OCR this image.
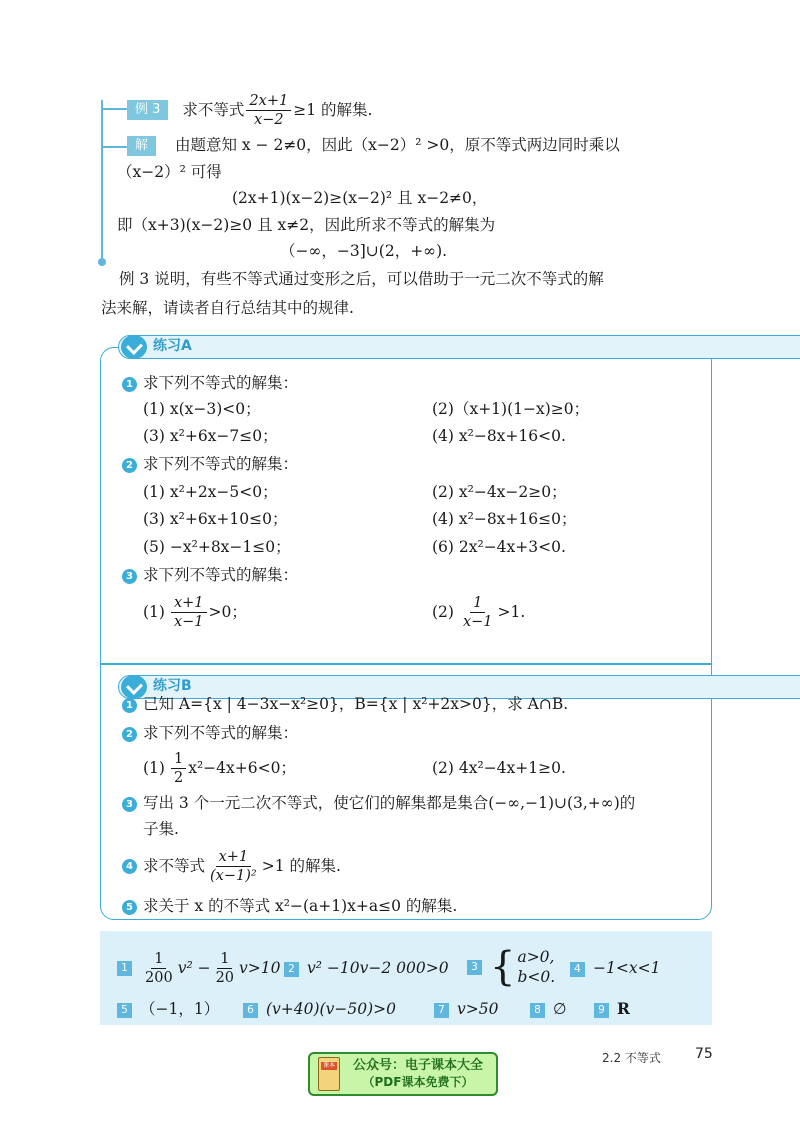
例 3	求不等式 $\frac{2x+1}{x-2} \ge 1$ 的解集.
解 由题意知 x − 2≠0，因此（x−2）² >0，原不等式两边同时乘以
（x−2）² 可得
(2x+1)(x−2)≥(x−2)² 且 x−2≠0，
即（x+3)(x−2)≥0 且 x≠2，因此所求不等式的解集为
（−∞，−3]∪(2，+∞).
例 3 说明，有些不等式通过变形之后，可以借助于一元二次不等式的解
法来解，请读者自行总结其中的规律.
练习A
1 求下列不等式的解集：
(1) x(x−3)<0；	(2)（x+1)(1−x)≥0；
(3) x²+6x−7≤0；	(4) x²−8x+16<0.
2 求下列不等式的解集：
(1) x²+2x−5<0；	(2) x²−4x−2≥0；
(3) x²+6x+10≤0；	(4) x²−8x+16≤0；
(5) −x²+8x−1≤0；	(6) 2x²−4x+3<0.
3 求下列不等式的解集：
$(1) \frac{x+1}{x-1} >0$；	$(2) \frac{1}{x-1} >1$.
练习B
1 已知 A={x | 4−3x−x²≥0}，B={x | x²+2x>0}，求 A∩B.
2 求下列不等式的解集：
$(1) \frac{1}{2} x^2-4x+6<0$；	(2) 4x²−4x+1≥0.
3 写出 3 个一元二次不等式，使它们的解集都是集合(−∞,−1)∪(3,+∞)的
子集.
4 求不等式 $\frac{x+1}{\text{(x−1)²}} >1$ 的解集.
5 求关于 x 的不等式 x²−(a+1)x+a≤0 的解集.
$1 \frac{1}{200} v^2 - \frac{1}{20} v>10$ 2 v² −10v−2 000>0	3 { a>0,
b<0.	4 −1<x<1
5 （−1，1）	6 (v+40)(v−50)>0	7 v>50	8 ∅	9 R
课本	公众号：电子课本大全
（PDF课本免费下）
2.2 不等式 75
